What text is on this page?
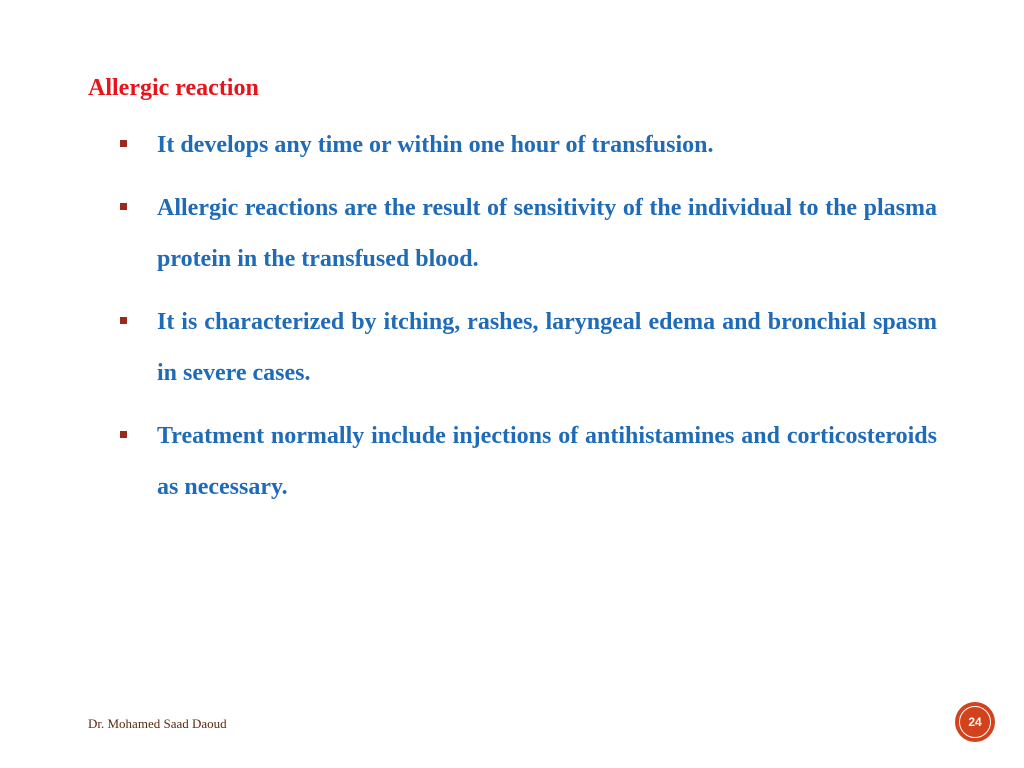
Allergic reaction
It develops any time or within one hour of transfusion.
Allergic reactions are the result of sensitivity of the individual to the plasma protein in the transfused blood.
It is characterized by itching, rashes, laryngeal edema and bronchial spasm in severe cases.
Treatment normally include injections of antihistamines and corticosteroids as necessary.
Dr. Mohamed Saad Daoud	24
